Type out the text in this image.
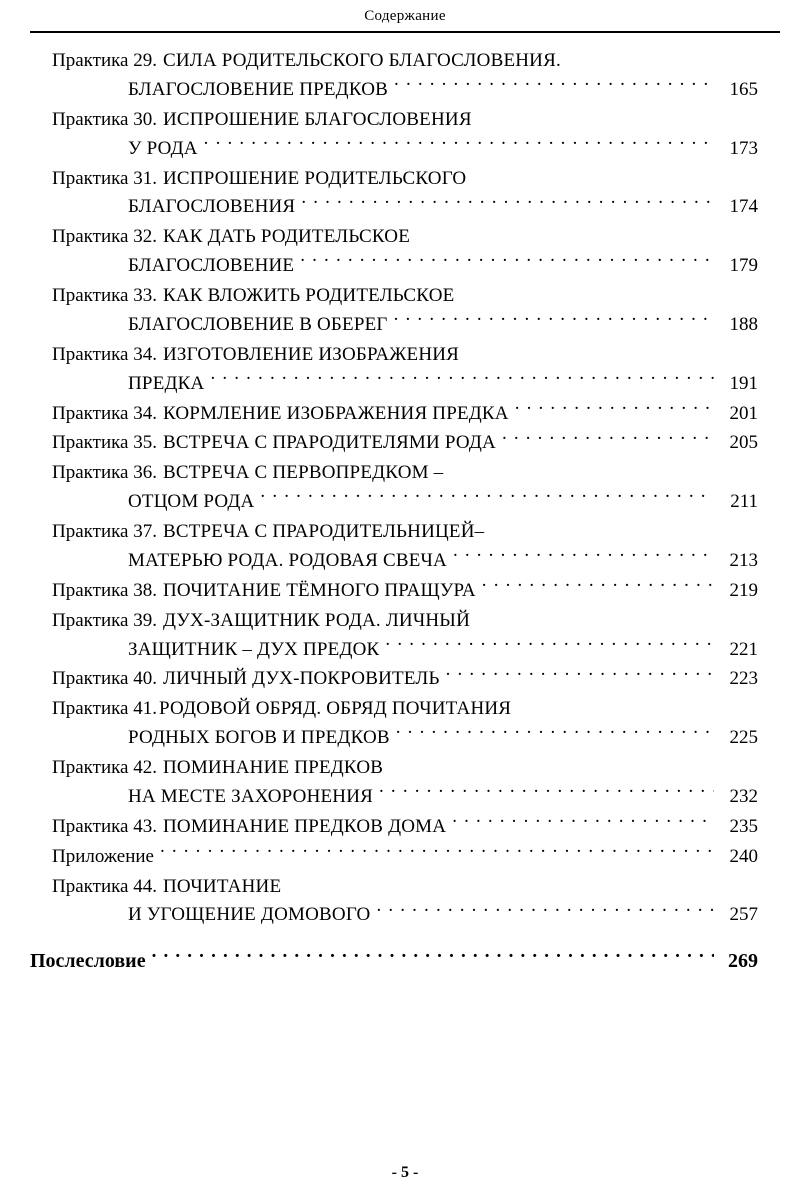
Содержание
Практика 29. СИЛА РОДИТЕЛЬСКОГО БЛАГОСЛОВЕНИЯ.
БЛАГОСЛОВЕНИЕ ПРЕДКОВ . . .	165
Практика 30. ИСПРОШЕНИЕ БЛАГОСЛОВЕНИЯ
У РОДА . . .	173
Практика 31. ИСПРОШЕНИЕ РОДИТЕЛЬСКОГО
БЛАГОСЛОВЕНИЯ . . .	174
Практика 32. КАК ДАТЬ РОДИТЕЛЬСКОЕ
БЛАГОСЛОВЕНИЕ . . .	179
Практика 33. КАК ВЛОЖИТЬ РОДИТЕЛЬСКОЕ
БЛАГОСЛОВЕНИЕ В ОБЕРЕГ . . .	188
Практика 34. ИЗГОТОВЛЕНИЕ ИЗОБРАЖЕНИЯ
ПРЕДКА . . .	191
Практика 34. КОРМЛЕНИЕ ИЗОБРАЖЕНИЯ ПРЕДКА . . .	201
Практика 35. ВСТРЕЧА С ПРАРОДИТЕЛЯМИ РОДА . . .	205
Практика 36. ВСТРЕЧА С ПЕРВОПРЕДКОМ –
ОТЦОМ РОДА . . .	211
Практика 37. ВСТРЕЧА С ПРАРОДИТЕЛЬНИЦЕЙ–
МАТЕРЬЮ РОДА. РОДОВАЯ СВЕЧА . . .	213
Практика 38. ПОЧИТАНИЕ ТЁМНОГО ПРАЩУРА . . .	219
Практика 39. ДУХ-ЗАЩИТНИК РОДА. ЛИЧНЫЙ
ЗАЩИТНИК – ДУХ ПРЕДОК . . .	221
Практика 40. ЛИЧНЫЙ ДУХ-ПОКРОВИТЕЛЬ . . .	223
Практика 41. РОДОВОЙ ОБРЯД. ОБРЯД ПОЧИТАНИЯ
РОДНЫХ БОГОВ И ПРЕДКОВ . . .	225
Практика 42. ПОМИНАНИЕ ПРЕДКОВ
НА МЕСТЕ ЗАХОРОНЕНИЯ . . .	232
Практика 43. ПОМИНАНИЕ ПРЕДКОВ ДОМА . . .	235
Приложение . . .	240
Практика 44. ПОЧИТАНИЕ
И УГОЩЕНИЕ ДОМОВОГО . . .	257
Послесловие . . .	269
- 5 -
